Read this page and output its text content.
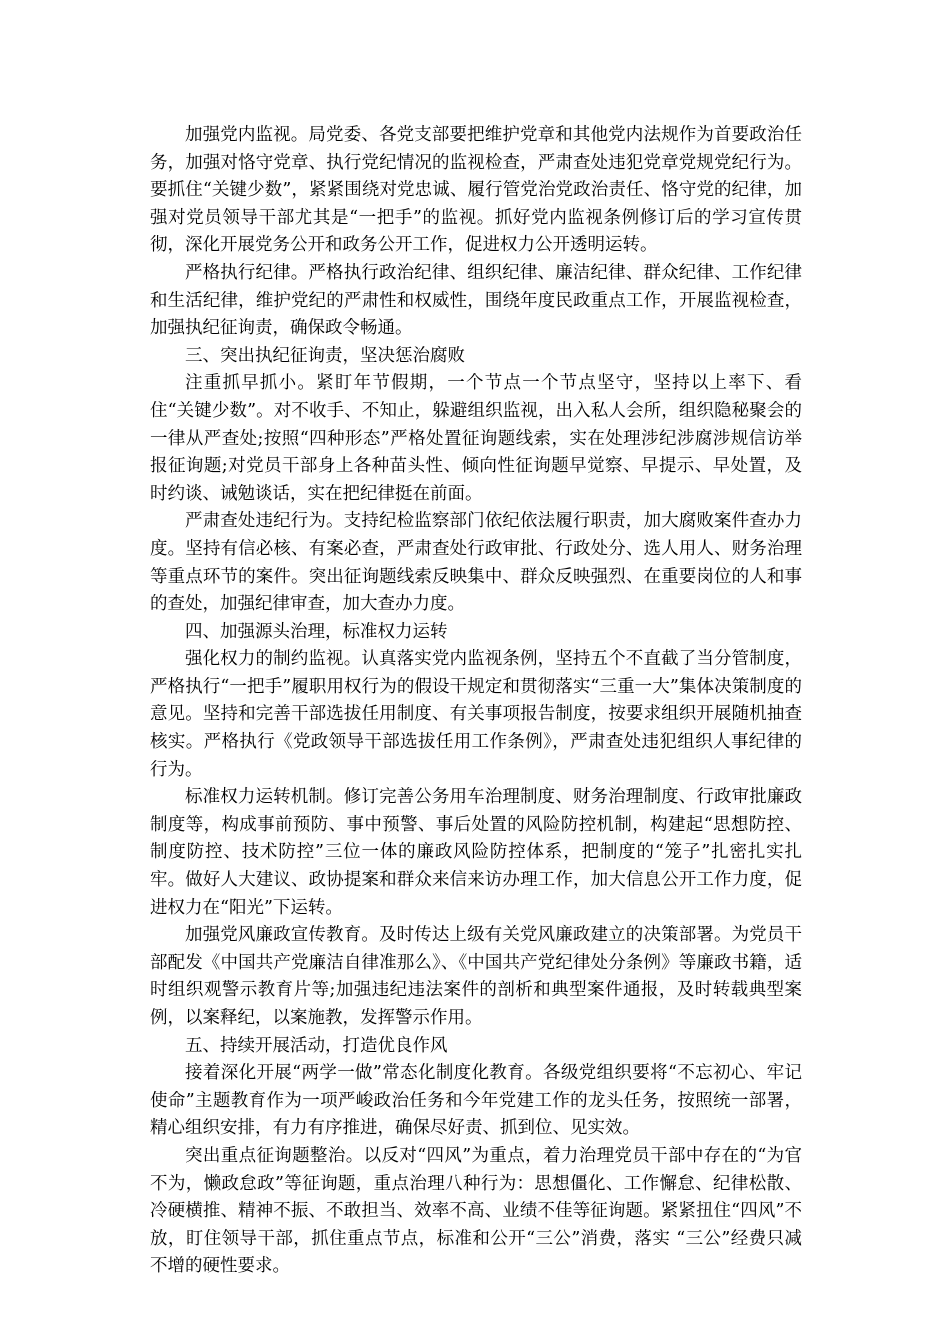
加强党内监视。局党委、各党支部要把维护党章和其他党内法规作为首要政治任务，加强对恪守党章、执行党纪情况的监视检查，严肃查处违犯党章党规党纪行为。要抓住“关键少数”，紧紧围绕对党忠诚、履行管党治党政治责任、恪守党的纪律，加强对党员领导干部尤其是“一把手”的监视。抓好党内监视条例修订后的学习宣传贯彻，深化开展党务公开和政务公开工作，促进权力公开透明运转。

严格执行纪律。严格执行政治纪律、组织纪律、廉洁纪律、群众纪律、工作纪律和生活纪律，维护党纪的严肃性和权威性，围绕年度民政重点工作，开展监视检查，加强执纪征询责，确保政令畅通。

三、突出执纪征询责，坚决惩治腐败

注重抓早抓小。紧盯年节假期，一个节点一个节点坚守，坚持以上率下、看住“关键少数”。对不收手、不知止，躲避组织监视，出入私人会所，组织隐秘聚会的一律从严查处;按照“四种形态”严格处置征询题线索，实在处理涉纪涉腐涉规信访举报征询题;对党员干部身上各种苗头性、倾向性征询题早觉察、早提示、早处置，及时约谈、诫勉谈话，实在把纪律挺在前面。

严肃查处违纪行为。支持纪检监察部门依纪依法履行职责，加大腐败案件查办力度。坚持有信必核、有案必查，严肃查处行政审批、行政处分、选人用人、财务治理等重点环节的案件。突出征询题线索反映集中、群众反映强烈、在重要岗位的人和事的查处，加强纪律审查，加大查办力度。

四、加强源头治理，标准权力运转

强化权力的制约监视。认真落实党内监视条例，坚持五个不直截了当分管制度，严格执行“一把手”履职用权行为的假设干规定和贯彻落实“三重一大”集体决策制度的意见。坚持和完善干部选拔任用制度、有关事项报告制度，按要求组织开展随机抽查核实。严格执行《党政领导干部选拔任用工作条例》，严肃查处违犯组织人事纪律的行为。

标准权力运转机制。修订完善公务用车治理制度、财务治理制度、行政审批廉政制度等，构成事前预防、事中预警、事后处置的风险防控机制，构建起“思想防控、制度防控、技术防控”三位一体的廉政风险防控体系，把制度的“笼子”扎密扎实扎牢。做好人大建议、政协提案和群众来信来访办理工作，加大信息公开工作力度，促进权力在“阳光”下运转。

加强党风廉政宣传教育。及时传达上级有关党风廉政建立的决策部署。为党员干部配发《中国共产党廉洁自律准那么》、《中国共产党纪律处分条例》等廉政书籍，适时组织观警示教育片等;加强违纪违法案件的剖析和典型案件通报，及时转载典型案例，以案释纪，以案施教，发挥警示作用。

五、持续开展活动，打造优良作风

接着深化开展“两学一做”常态化制度化教育。各级党组织要将“不忘初心、牢记使命”主题教育作为一项严峻政治任务和今年党建工作的龙头任务，按照统一部署，精心组织安排，有力有序推进，确保尽好责、抓到位、见实效。

突出重点征询题整治。以反对“四风”为重点，着力治理党员干部中存在的“为官不为，懒政怠政”等征询题，重点治理八种行为：思想僵化、工作懈怠、纪律松散、冷硬横推、精神不振、不敢担当、效率不高、业绩不佳等征询题。紧紧扭住“四风”不放，盯住领导干部，抓住重点节点，标准和公开“三公”消费，落实 “三公”经费只减不增的硬性要求。
